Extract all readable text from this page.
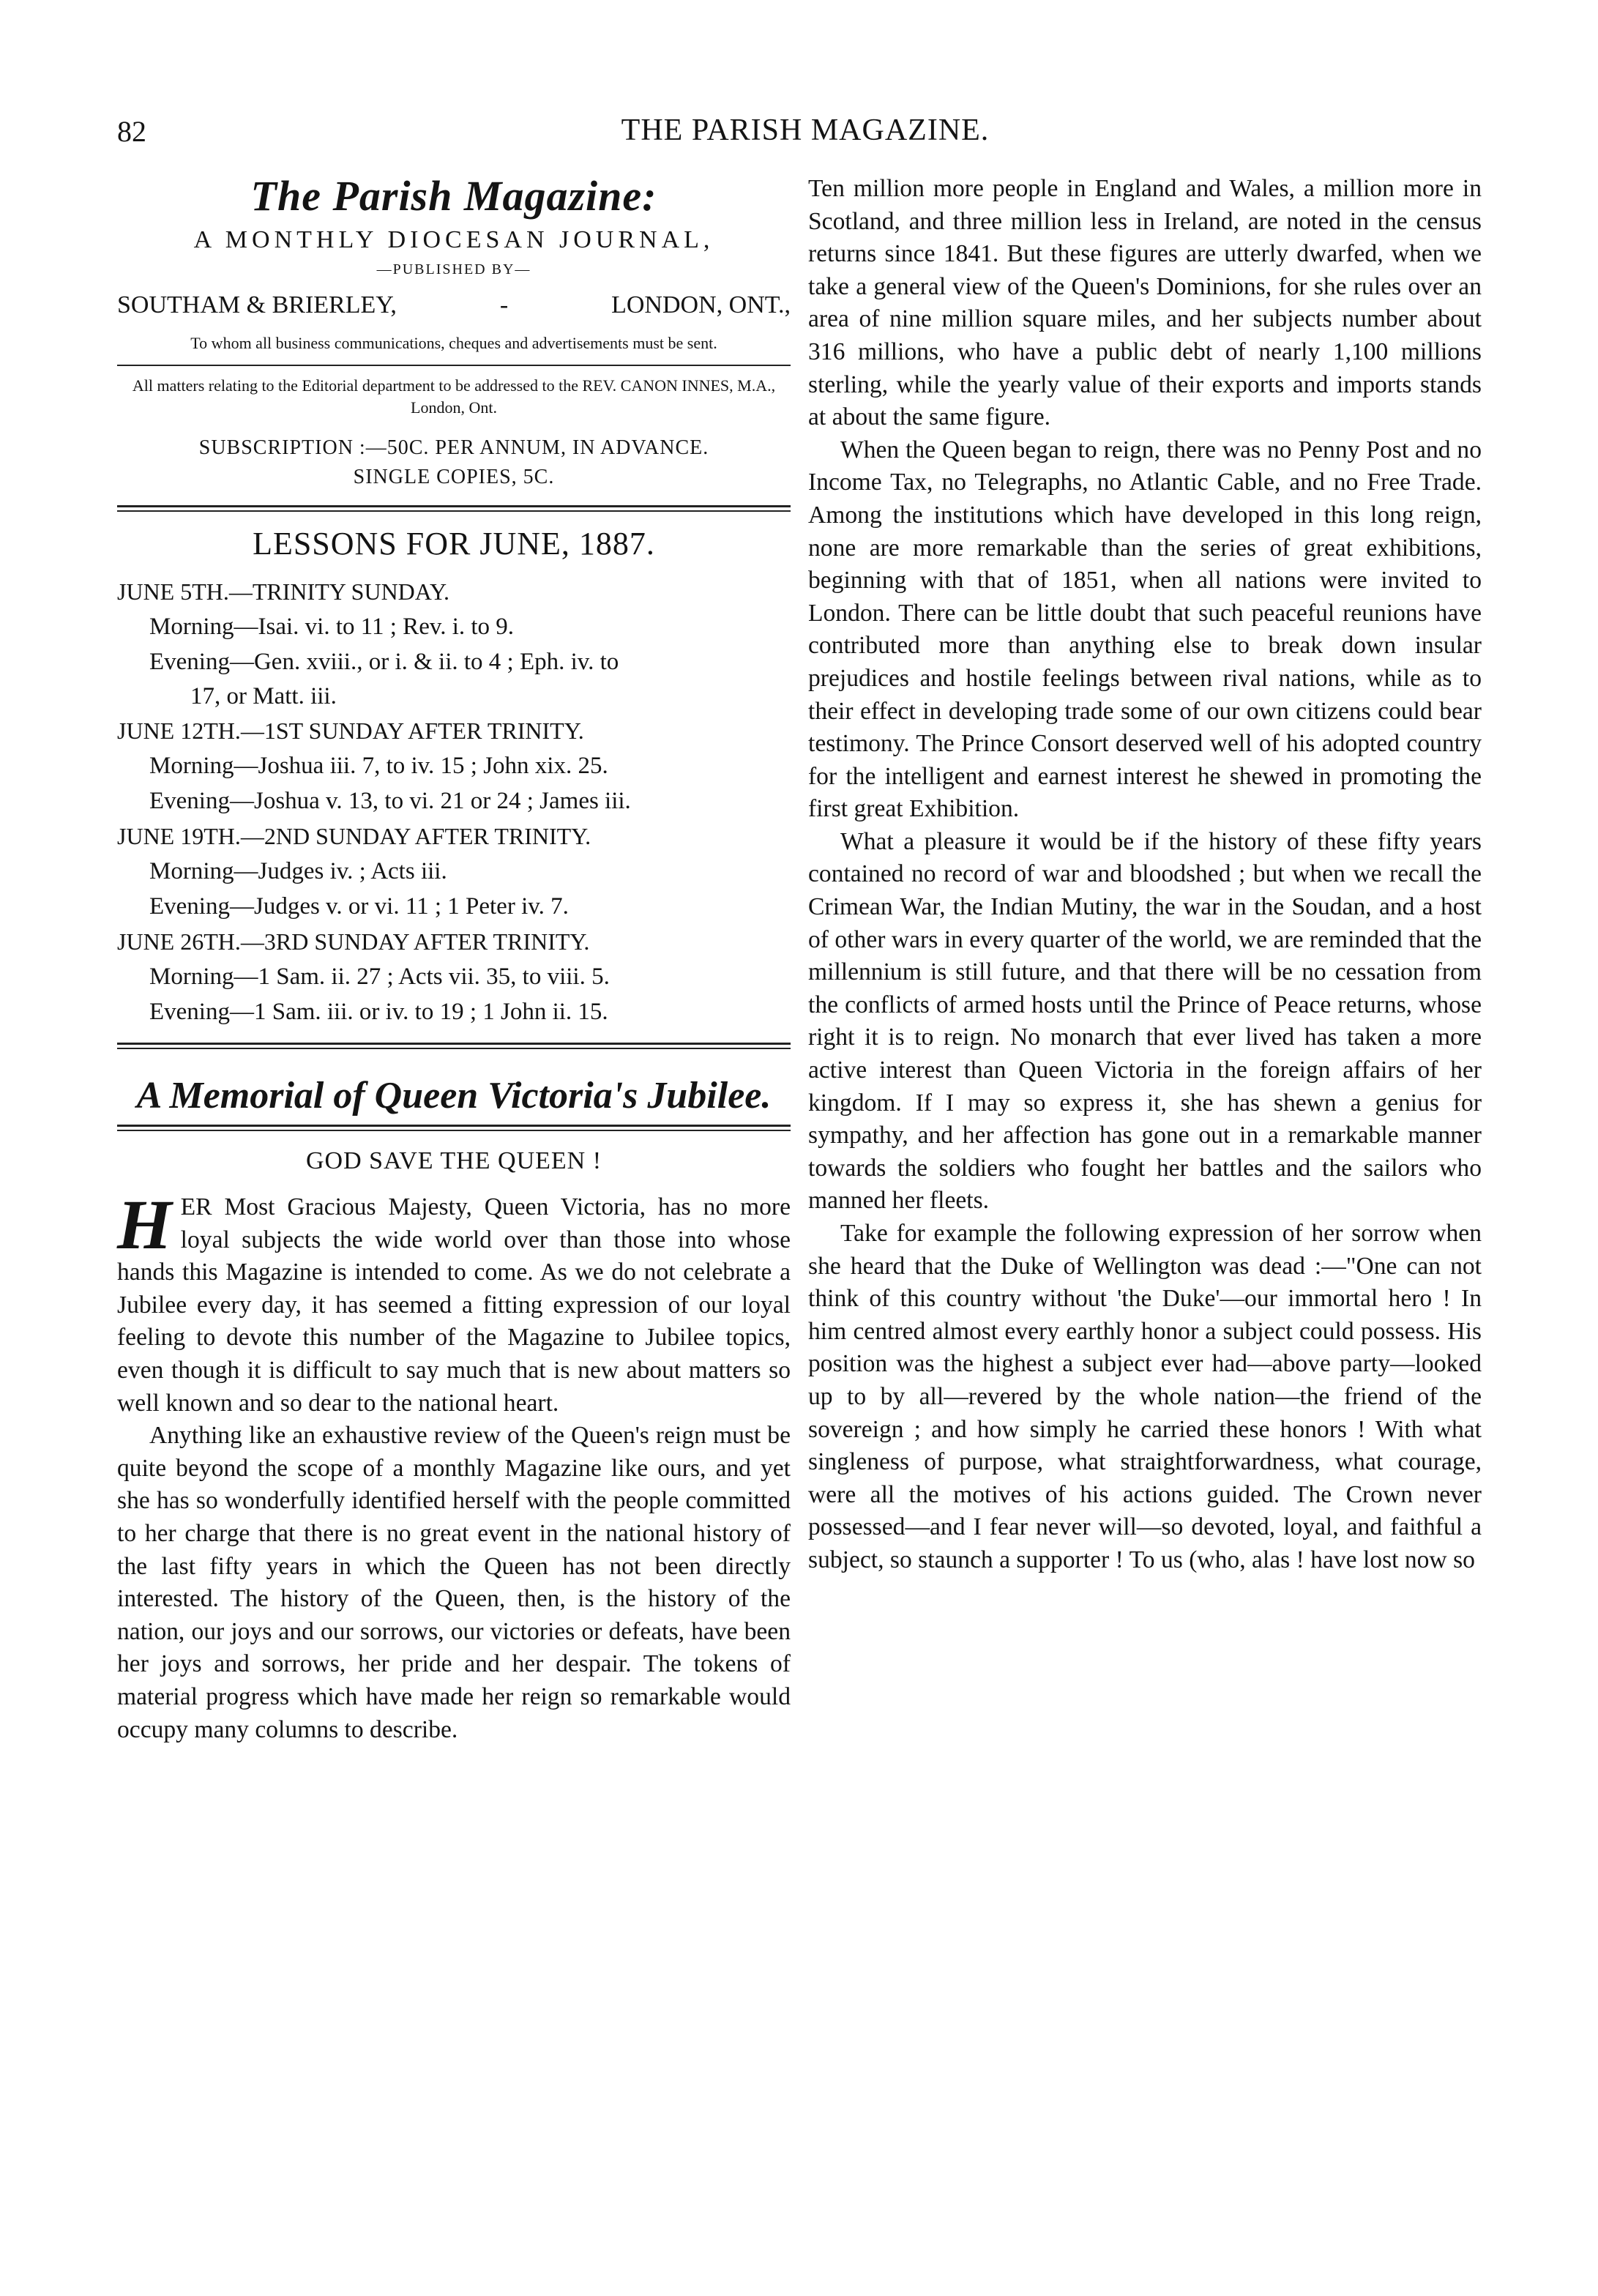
82	THE PARISH MAGAZINE.
The Parish Magazine:
A MONTHLY DIOCESAN JOURNAL,
—PUBLISHED BY—
SOUTHAM & BRIERLEY,	-	LONDON, ONT.,
To whom all business communications, cheques and advertisements must be sent.
All matters relating to the Editorial department to be addressed to the REV. CANON INNES, M.A., London, Ont.
SUBSCRIPTION :—50C. PER ANNUM, IN ADVANCE.
SINGLE COPIES, 5C.
LESSONS FOR JUNE, 1887.
JUNE 5TH.—TRINITY SUNDAY.
Morning—Isai. vi. to 11 ; Rev. i. to 9.
Evening—Gen. xviii., or i. & ii. to 4 ; Eph. iv. to
17, or Matt. iii.
JUNE 12TH.—1ST SUNDAY AFTER TRINITY.
Morning—Joshua iii. 7, to iv. 15 ; John xix. 25.
Evening—Joshua v. 13, to vi. 21 or 24 ; James iii.
JUNE 19TH.—2ND SUNDAY AFTER TRINITY.
Morning—Judges iv. ; Acts iii.
Evening—Judges v. or vi. 11 ; 1 Peter iv. 7.
JUNE 26TH.—3RD SUNDAY AFTER TRINITY.
Morning—1 Sam. ii. 27 ; Acts vii. 35, to viii. 5.
Evening—1 Sam. iii. or iv. to 19 ; 1 John ii. 15.
A Memorial of Queen Victoria's Jubilee.
GOD SAVE THE QUEEN !

HER Most Gracious Majesty, Queen Victoria, has no more loyal subjects the wide world over than those into whose hands this Magazine is intended to come. As we do not celebrate a Jubilee every day, it has seemed a fitting expression of our loyal feeling to devote this number of the Magazine to Jubilee topics, even though it is difficult to say much that is new about matters so well known and so dear to the national heart.

Anything like an exhaustive review of the Queen's reign must be quite beyond the scope of a monthly Magazine like ours, and yet she has so wonderfully identified herself with the people committed to her charge that there is no great event in the national history of the last fifty years in which the Queen has not been directly interested. The history of the Queen, then, is the history of the nation, our joys and our sorrows, our victories or defeats, have been her joys and sorrows, her pride and her despair. The tokens of material progress which have made her reign so remarkable would occupy many columns to describe.

Ten million more people in England and Wales, a million more in Scotland, and three million less in Ireland, are noted in the census returns since 1841. But these figures are utterly dwarfed, when we take a general view of the Queen's Dominions, for she rules over an area of nine million square miles, and her subjects number about 316 millions, who have a public debt of nearly 1,100 millions sterling, while the yearly value of their exports and imports stands at about the same figure.

When the Queen began to reign, there was no Penny Post and no Income Tax, no Telegraphs, no Atlantic Cable, and no Free Trade. Among the institutions which have developed in this long reign, none are more remarkable than the series of great exhibitions, beginning with that of 1851, when all nations were invited to London. There can be little doubt that such peaceful reunions have contributed more than anything else to break down insular prejudices and hostile feelings between rival nations, while as to their effect in developing trade some of our own citizens could bear testimony. The Prince Consort deserved well of his adopted country for the intelligent and earnest interest he shewed in promoting the first great Exhibition.

What a pleasure it would be if the history of these fifty years contained no record of war and bloodshed ; but when we recall the Crimean War, the Indian Mutiny, the war in the Soudan, and a host of other wars in every quarter of the world, we are reminded that the millennium is still future, and that there will be no cessation from the conflicts of armed hosts until the Prince of Peace returns, whose right it is to reign. No monarch that ever lived has taken a more active interest than Queen Victoria in the foreign affairs of her kingdom. If I may so express it, she has shewn a genius for sympathy, and her affection has gone out in a remarkable manner towards the soldiers who fought her battles and the sailors who manned her fleets.

Take for example the following expression of her sorrow when she heard that the Duke of Wellington was dead :—"One can not think of this country without 'the Duke'—our immortal hero ! In him centred almost every earthly honor a subject could possess. His position was the highest a subject ever had—above party—looked up to by all—revered by the whole nation—the friend of the sovereign ; and how simply he carried these honors ! With what singleness of purpose, what straightforwardness, what courage, were all the motives of his actions guided. The Crown never possessed—and I fear never will—so devoted, loyal, and faithful a subject, so staunch a supporter ! To us (who, alas ! have lost now so
